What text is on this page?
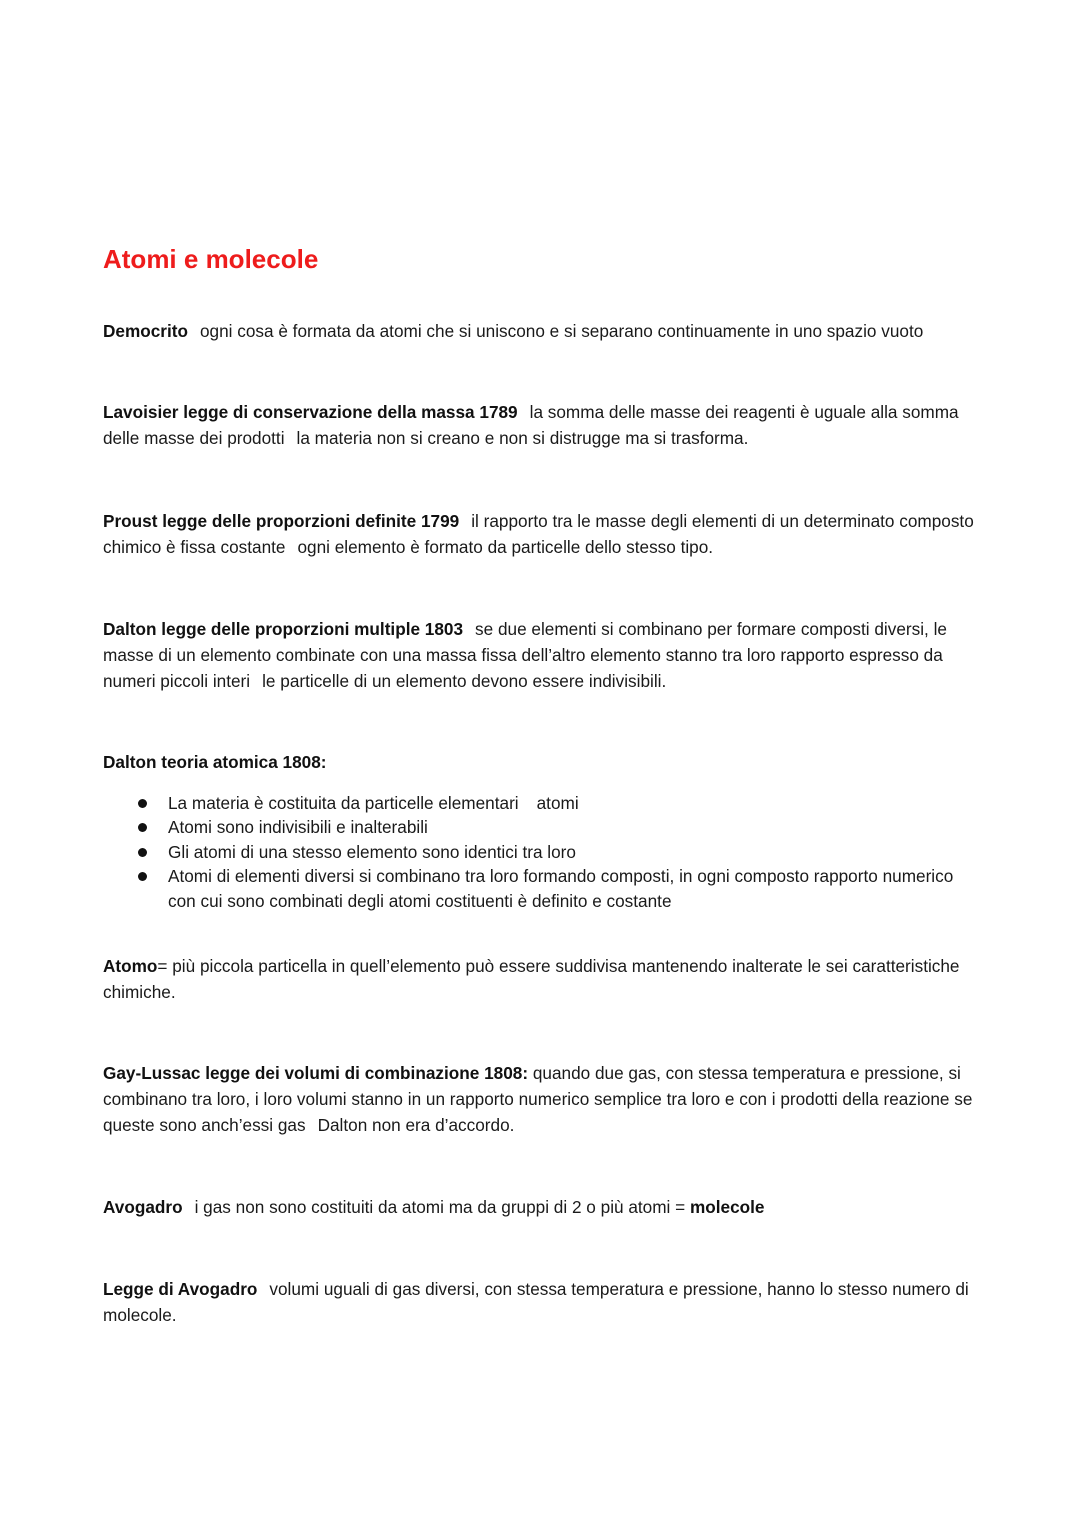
Atomi e molecole

Democrito ogni cosa è formata da atomi che si uniscono e si separano continuamente in uno spazio vuoto

Lavoisier legge di conservazione della massa 1789 la somma delle masse dei reagenti è uguale alla somma delle masse dei prodotti la materia non si creano e non si distrugge ma si trasforma.

Proust legge delle proporzioni definite 1799 il rapporto tra le masse degli elementi di un determinato composto chimico è fissa costante ogni elemento è formato da particelle dello stesso tipo.

Dalton legge delle proporzioni multiple 1803 se due elementi si combinano per formare composti diversi, le masse di un elemento combinate con una massa fissa dell’altro elemento stanno tra loro rapporto espresso da numeri piccoli interi le particelle di un elemento devono essere indivisibili.

Dalton teoria atomica 1808:

La materia è costituita da particelle elementari atomi
Atomi sono indivisibili e inalterabili
Gli atomi di una stesso elemento sono identici tra loro
Atomi di elementi diversi si combinano tra loro formando composti, in ogni composto rapporto numerico con cui sono combinati degli atomi costituenti è definito e costante

Atomo= più piccola particella in quell’elemento può essere suddivisa mantenendo inalterate le sei caratteristiche chimiche.

Gay-Lussac legge dei volumi di combinazione 1808: quando due gas, con stessa temperatura e pressione, si combinano tra loro, i loro volumi stanno in un rapporto numerico semplice tra loro e con i prodotti della reazione se queste sono anch’essi gas Dalton non era d’accordo.

Avogadro i gas non sono costituiti da atomi ma da gruppi di 2 o più atomi = molecole

Legge di Avogadro volumi uguali di gas diversi, con stessa temperatura e pressione, hanno lo stesso numero di molecole.
